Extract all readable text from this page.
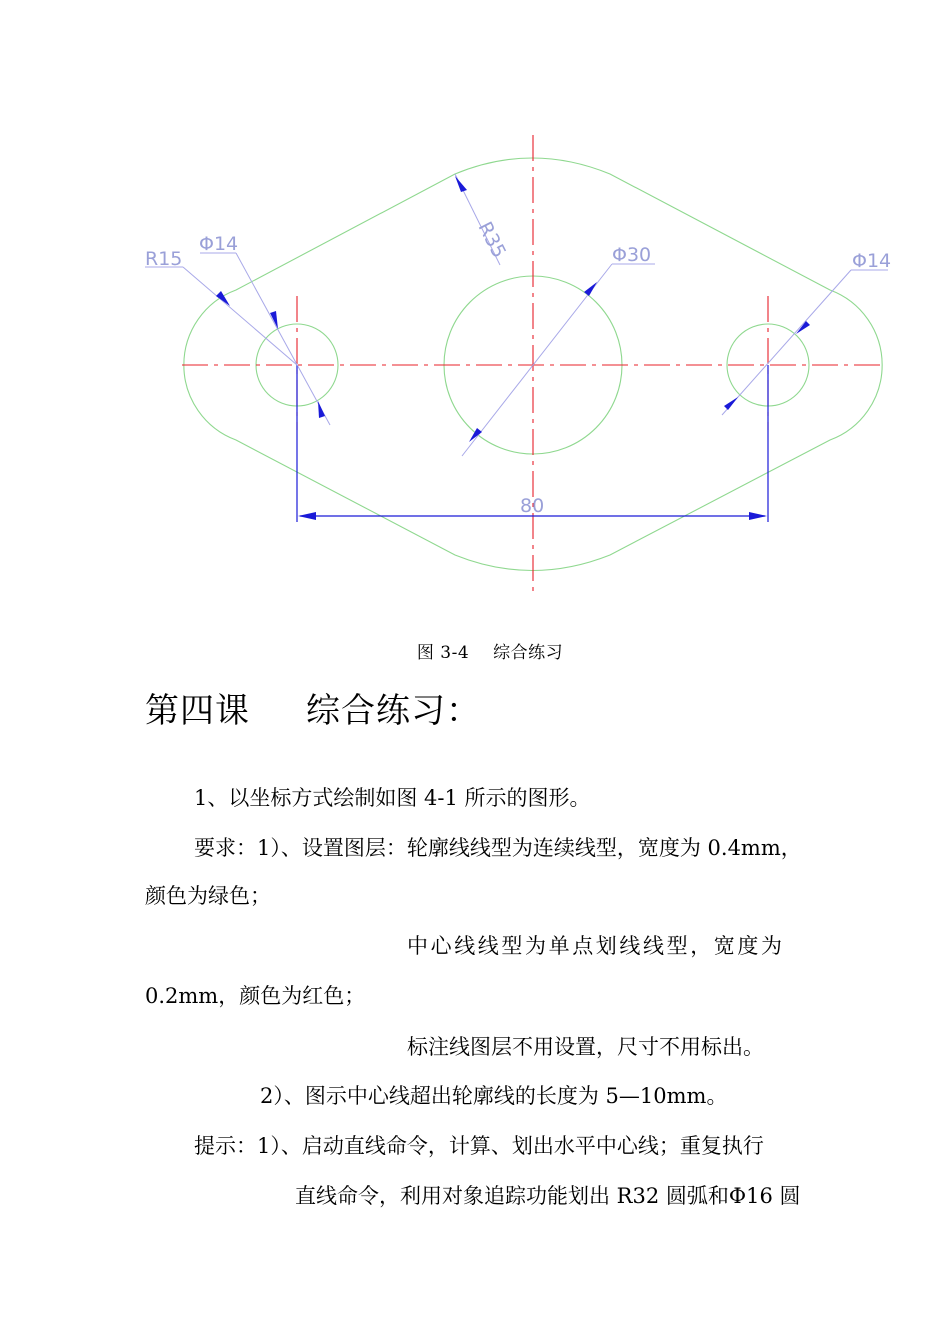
R15
Φ14	R35	Φ30	Φ14
80
图 3-4 综合练习
第四课 综合练习：
1、以坐标方式绘制如图 4-1 所示的图形。
要求：1）、设置图层：轮廓线线型为连续线型，宽度为 0.4mm，
颜色为绿色；
中心线线型为单点划线线型，宽度为
0.2mm，颜色为红色；
标注线图层不用设置，尺寸不用标出。
2）、图示中心线超出轮廓线的长度为 5—10mm。
提示：1）、启动直线命令，计算、划出水平中心线；重复执行
直线命令，利用对象追踪功能划出 R32 圆弧和Φ16 圆
